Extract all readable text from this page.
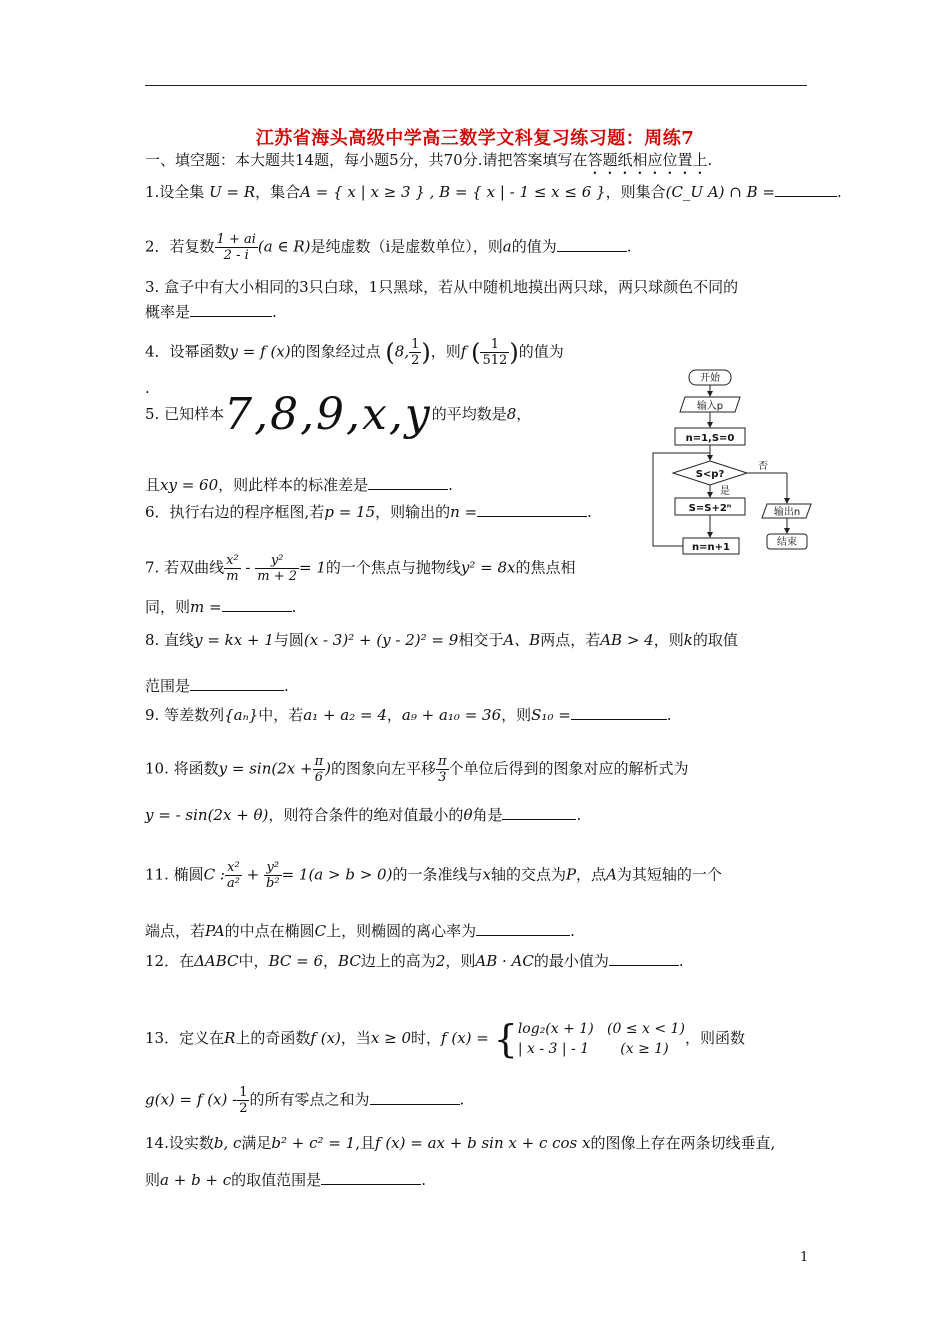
江苏省海头高级中学高三数学文科复习练习题：周练7
一、填空题：本大题共14题，每小题5分，共70分.请把答案填写在答题纸相应位置上.
1.设全集 U = R，集合A = { x | x ≥ 3 } , B = { x | - 1 ≤ x ≤ 6 }，则集合(C_U A) ∩ B =	.
2．若复数 $\frac{1 + ai}{2 - i} (a$ ∈ R)是纯虚数（i是虚数单位），则a的值为	.
3. 盒子中有大小相同的3只白球，1只黑球，若从中随机地摸出两只球，两只球颜色不同的
概率是	.
4．设幂函数y = f (x)的图象经过点 (8, $\frac{1}{2}$ )，则f ( $\frac{1}{512}$ )的值为
.
5. 已知样本7,8,9,x,y的平均数是8，
且xy = 60，则此样本的标准差是	.
6．执行右边的程序框图,若p = 15，则输出的n =	.
7. 若双曲线 $\frac{\text{x²}}{m} - \frac{\text{y²}}{m + 2} = 1$的一个焦点与抛物线y² = 8x的焦点相
同，则m =	.
8. 直线y = kx + 1与圆(x - 3)² + (y - 2)² = 9相交于A、B两点，若AB > 4，则k的取值
范围是	.
9. 等差数列{aₙ}中，若a₁ + a₂ = 4，a₉ + a₁₀ = 36，则S₁₀ =	.
10. 将函数$y = \sin(2x + \frac{\pi}{6}$ )的图象向左平移 $\frac{\pi}{3}$ 个单位后得到的图象对应的解析式为
y = - sin(2x + θ)，则符合条件的绝对值最小的θ角是	.
11. 椭圆C : $\frac{\text{x²}}{\text{a²}} + \frac{\text{y²}}{\text{b²}} = 1(a > b > 0)$的一条准线与x轴的交点为P，点A为其短轴的一个
端点，若PA的中点在椭圆C上，则椭圆的离心率为	.
12．在ΔABC中，BC = 6，BC边上的高为2，则AB · AC的最小值为	.
13．定义在R上的奇函数f (x)，当x ≥ 0时，f (x) = { log₂(x + 1) (0 ≤ x < 1)
| x - 3 | - 1 (x ≥ 1)
，则函数
g(x) = f $(x) - \frac{1}{2}$ 的所有零点之和为	.
14.设实数b, c满足b² + c² = 1,且f (x) = ax + b sin x + c cos x的图像上存在两条切线垂直,
则a + b + c的取值范围是	.
开始
输入p
n=1,S=0
S<p?
否
是
S=S+2ⁿ
n=n+1
输出n
结束
1
